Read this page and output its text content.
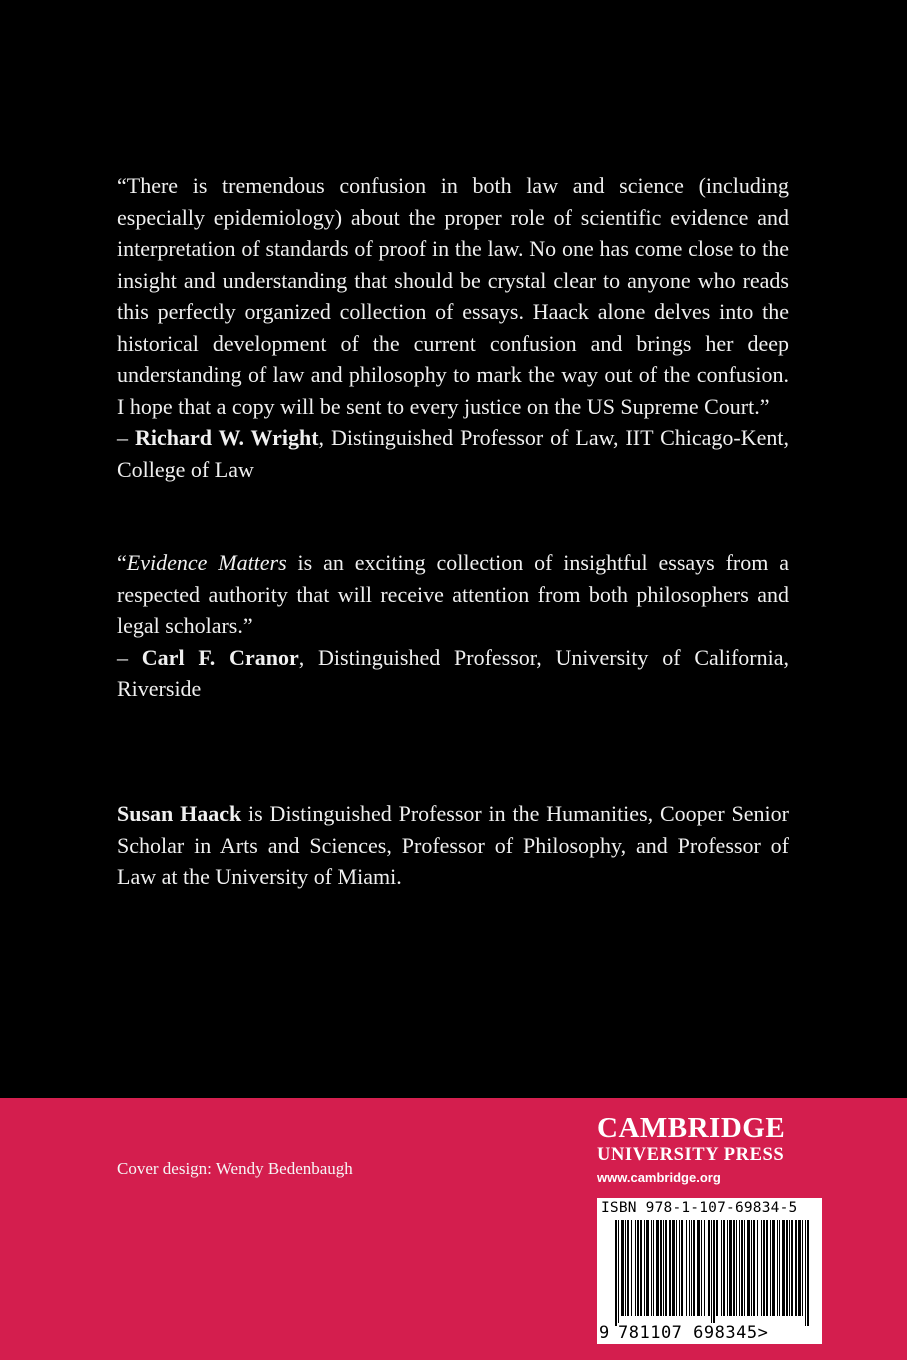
“There is tremendous confusion in both law and science (including especially epidemiology) about the proper role of scientific evidence and interpretation of standards of proof in the law. No one has come close to the insight and understanding that should be crystal clear to anyone who reads this perfectly organized collection of essays. Haack alone delves into the historical development of the current confusion and brings her deep understanding of law and philosophy to mark the way out of the confusion. I hope that a copy will be sent to every justice on the US Supreme Court.”

– Richard W. Wright, Distinguished Professor of Law, IIT Chicago-Kent, College of Law

“Evidence Matters is an exciting collection of insightful essays from a respected authority that will receive attention from both philosophers and legal scholars.”

– Carl F. Cranor, Distinguished Professor, University of California, Riverside

Susan Haack is Distinguished Professor in the Humanities, Cooper Senior Scholar in Arts and Sciences, Professor of Philosophy, and Professor of Law at the University of Miami.

CAMBRIDGE
UNIVERSITY PRESS
www.cambridge.org
Cover design: Wendy Bedenbaugh
ISBN 978-1-107-69834-5
9 781107 698345>
